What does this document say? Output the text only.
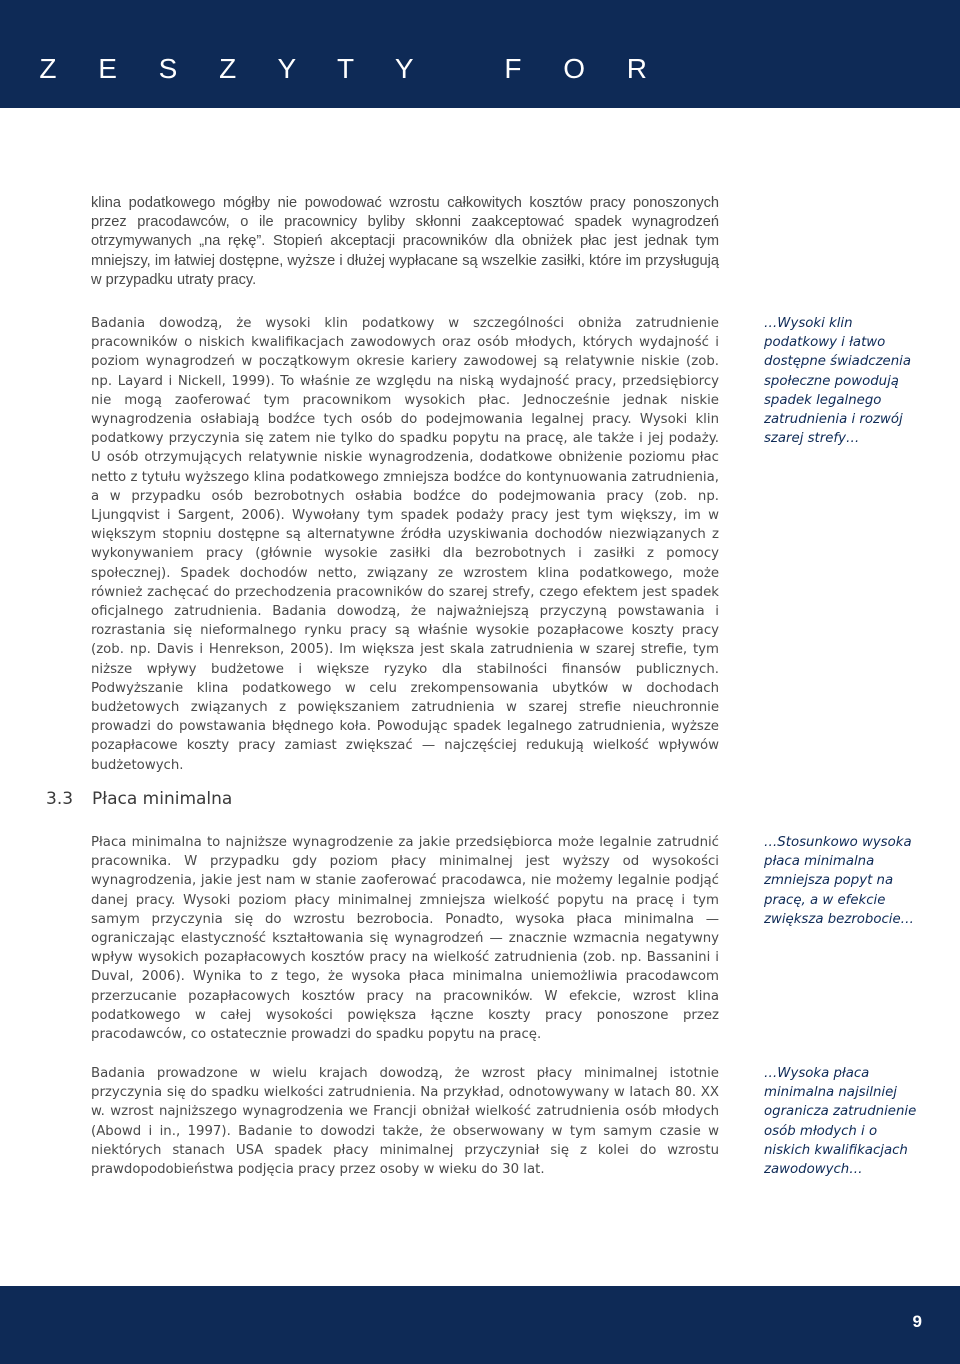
Z E S Z Y T Y   F O R

klina podatkowego mógłby nie powodować wzrostu całkowitych kosztów pracy ponoszonych przez pracodawców, o ile pracownicy byliby skłonni zaakceptować spadek wynagrodzeń otrzymywanych „na rękę”. Stopień akceptacji pracowników dla obniżek płac jest jednak tym mniejszy, im łatwiej dostępne, wyższe i dłużej wypłacane są wszelkie zasiłki, które im przysługują w przypadku utraty pracy.

Badania dowodzą, że wysoki klin podatkowy w szczególności obniża zatrudnienie pracowników o niskich kwalifikacjach zawodowych oraz osób młodych, których wydajność i poziom wynagrodzeń w początkowym okresie kariery zawodowej są relatywnie niskie (zob. np. Layard i Nickell, 1999). To właśnie ze względu na niską wydajność pracy, przedsiębiorcy nie mogą zaoferować tym pracownikom wysokich płac. Jednocześnie jednak niskie wynagrodzenia osłabiają bodźce tych osób do podejmowania legalnej pracy. Wysoki klin podatkowy przyczynia się zatem nie tylko do spadku popytu na pracę, ale także i jej podaży. U osób otrzymujących relatywnie niskie wynagrodzenia, dodatkowe obniżenie poziomu płac netto z tytułu wyższego klina podatkowego zmniejsza bodźce do kontynuowania zatrudnienia, a w przypadku osób bezrobotnych osłabia bodźce do podejmowania pracy (zob. np. Ljungqvist i Sargent, 2006). Wywołany tym spadek podaży pracy jest tym większy, im w większym stopniu dostępne są alternatywne źródła uzyskiwania dochodów niezwiązanych z wykonywaniem pracy (głównie wysokie zasiłki dla bezrobotnych i zasiłki z pomocy społecznej). Spadek dochodów netto, związany ze wzrostem klina podatkowego, może również zachęcać do przechodzenia pracowników do szarej strefy, czego efektem jest spadek oficjalnego zatrudnienia. Badania dowodzą, że najważniejszą przyczyną powstawania i rozrastania się nieformalnego rynku pracy są właśnie wysokie pozapłacowe koszty pracy (zob. np. Davis i Henrekson, 2005). Im większa jest skala zatrudnienia w szarej strefie, tym niższe wpływy budżetowe i większe ryzyko dla stabilności finansów publicznych. Podwyższanie klina podatkowego w celu zrekompensowania ubytków w dochodach budżetowych związanych z powiększaniem zatrudnienia w szarej strefie nieuchronnie prowadzi do powstawania błędnego koła. Powodując spadek legalnego zatrudnienia, wyższe pozapłacowe koszty pracy zamiast zwiększać — najczęściej redukują wielkość wpływów budżetowych.

…Wysoki klin podatkowy i łatwo dostępne świadczenia społeczne powodują spadek legalnego zatrudnienia i rozwój szarej strefy…

3.3 Płaca minimalna

Płaca minimalna to najniższe wynagrodzenie za jakie przedsiębiorca może legalnie zatrudnić pracownika. W przypadku gdy poziom płacy minimalnej jest wyższy od wysokości wynagrodzenia, jakie jest nam w stanie zaoferować pracodawca, nie możemy legalnie podjąć danej pracy. Wysoki poziom płacy minimalnej zmniejsza wielkość popytu na pracę i tym samym przyczynia się do wzrostu bezrobocia. Ponadto, wysoka płaca minimalna — ograniczając elastyczność kształtowania się wynagrodzeń — znacznie wzmacnia negatywny wpływ wysokich pozapłacowych kosztów pracy na wielkość zatrudnienia (zob. np. Bassanini i Duval, 2006). Wynika to z tego, że wysoka płaca minimalna uniemożliwia pracodawcom przerzucanie pozapłacowych kosztów pracy na pracowników. W efekcie, wzrost klina podatkowego w całej wysokości powiększa łączne koszty pracy ponoszone przez pracodawców, co ostatecznie prowadzi do spadku popytu na pracę.

…Stosunkowo wysoka płaca minimalna zmniejsza popyt na pracę, a w efekcie zwiększa bezrobocie…

Badania prowadzone w wielu krajach dowodzą, że wzrost płacy minimalnej istotnie przyczynia się do spadku wielkości zatrudnienia. Na przykład, odnotowywany w latach 80. XX w. wzrost najniższego wynagrodzenia we Francji obniżał wielkość zatrudnienia osób młodych (Abowd i in., 1997). Badanie to dowodzi także, że obserwowany w tym samym czasie w niektórych stanach USA spadek płacy minimalnej przyczyniał się z kolei do wzrostu prawdopodobieństwa podjęcia pracy przez osoby w wieku do 30 lat.

…Wysoka płaca minimalna najsilniej ogranicza zatrudnienie osób młodych i o niskich kwalifikacjach zawodowych…

9
